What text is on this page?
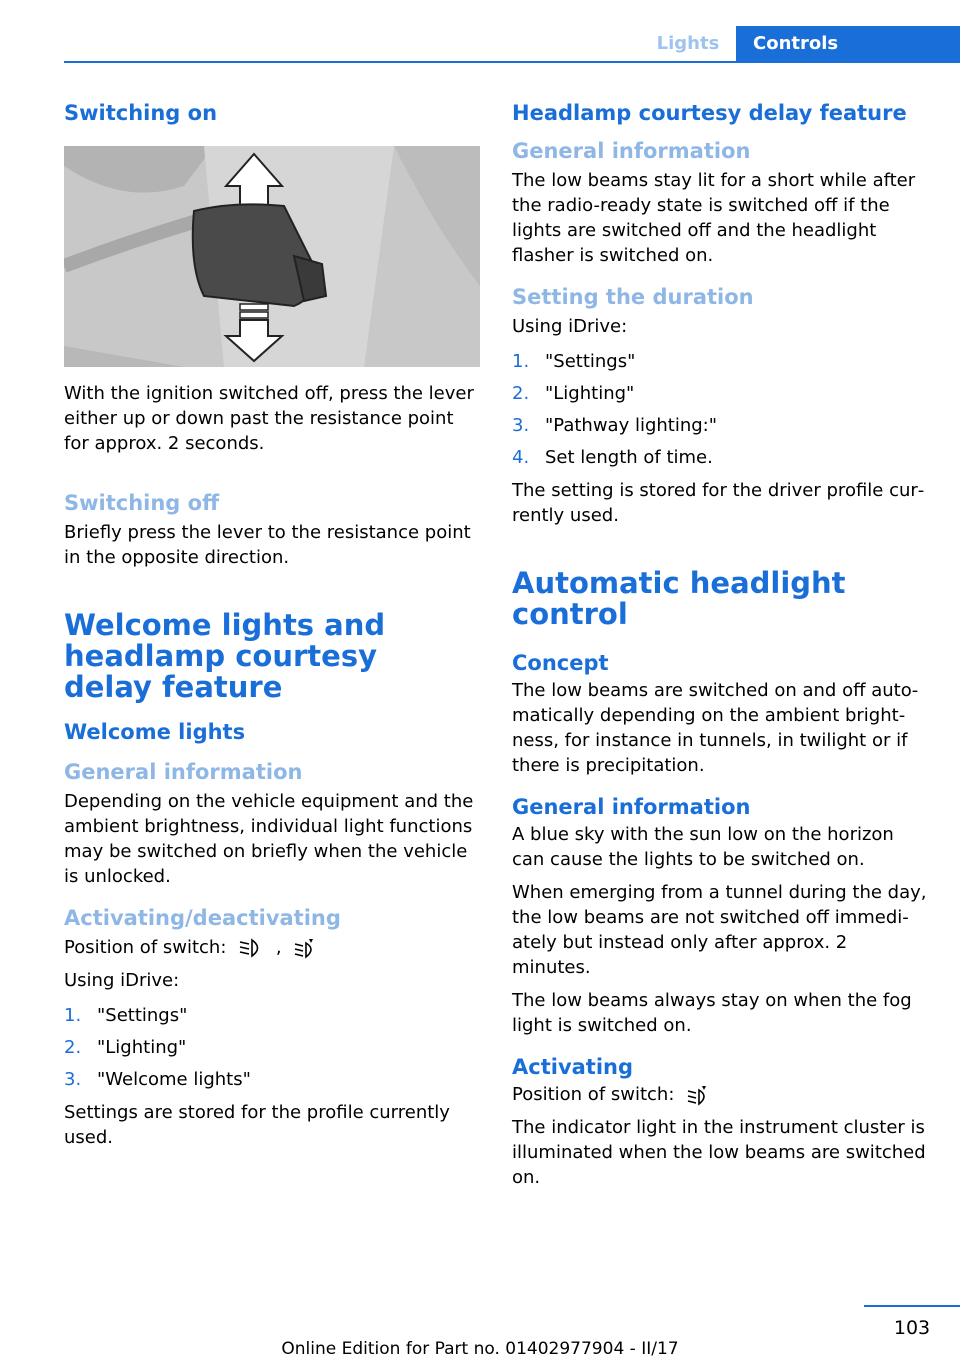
Lights	Controls
Switching on

With the ignition switched off, press the lever either up or down past the resistance point for approx. 2 seconds.

Switching off

Briefly press the lever to the resistance point in the opposite direction.

Welcome lights and headlamp courtesy delay feature
Welcome lights
General information

Depending on the vehicle equipment and the ambient brightness, individual light functions may be switched on briefly when the vehicle is unlocked.

Activating/deactivating

Position of switch:	,

Using iDrive:

1. "Settings"
2. "Lighting"
3. "Welcome lights"

Settings are stored for the profile currently used.

Headlamp courtesy delay feature
General information

The low beams stay lit for a short while after the radio-ready state is switched off if the lights are switched off and the headlight flasher is switched on.

Setting the duration

Using iDrive:

1. "Settings"
2. "Lighting"
3. "Pathway lighting:"
4. Set length of time.

The setting is stored for the driver profile cur‐rently used.

Automatic headlight control
Concept

The low beams are switched on and off auto‐matically depending on the ambient bright‐ness, for instance in tunnels, in twilight or if there is precipitation.

General information

A blue sky with the sun low on the horizon can cause the lights to be switched on.

When emerging from a tunnel during the day, the low beams are not switched off immedi‐ately but instead only after approx. 2 minutes.

The low beams always stay on when the fog light is switched on.

Activating

Position of switch:

The indicator light in the instrument cluster is illuminated when the low beams are switched on.

103
Online Edition for Part no. 01402977904 - II/17
